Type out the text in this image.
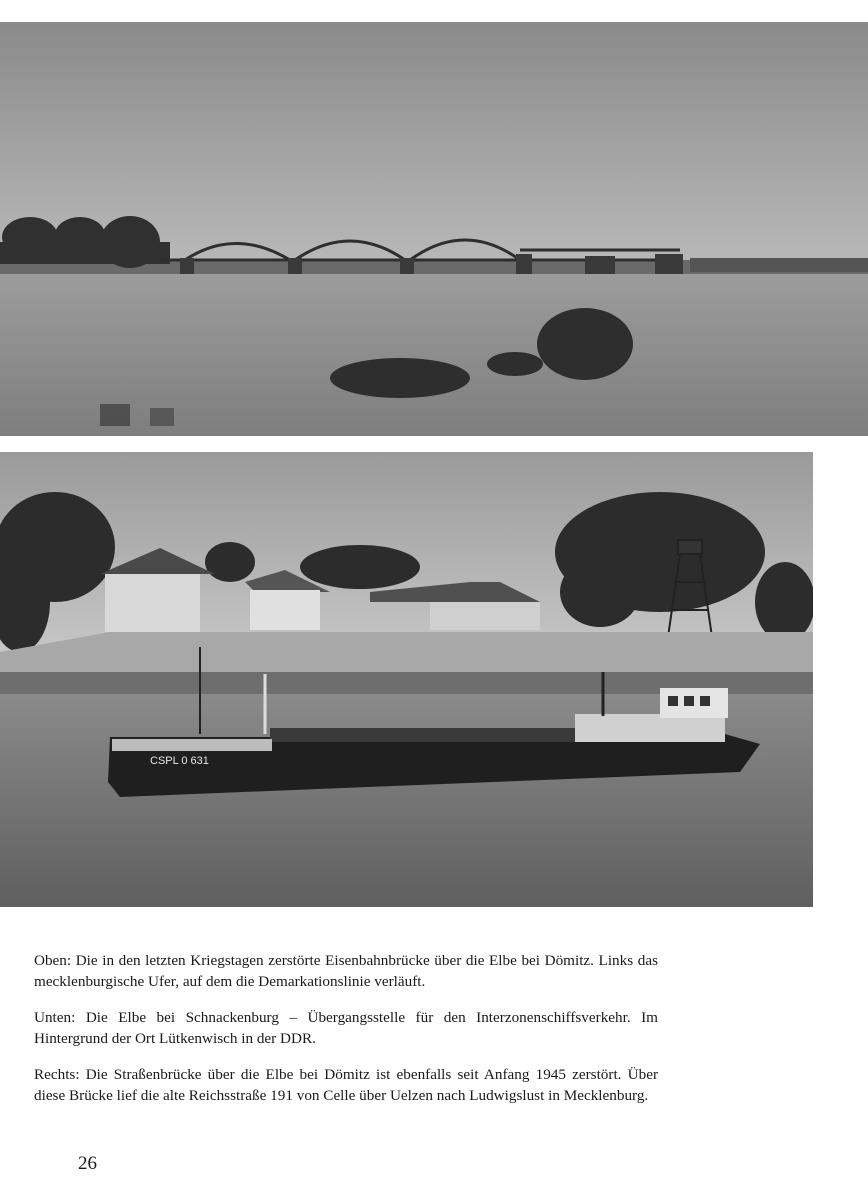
CSPL 0 631

Oben: Die in den letzten Kriegstagen zerstörte Eisenbahnbrücke über die Elbe bei Dömitz. Links das mecklenburgische Ufer, auf dem die Demarkationslinie verläuft.

Unten: Die Elbe bei Schnackenburg – Übergangsstelle für den Interzonenschiffsverkehr. Im Hintergrund der Ort Lütkenwisch in der DDR.

Rechts: Die Straßenbrücke über die Elbe bei Dömitz ist ebenfalls seit Anfang 1945 zerstört. Über diese Brücke lief die alte Reichsstraße 191 von Celle über Uelzen nach Ludwigslust in Mecklenburg.

26
